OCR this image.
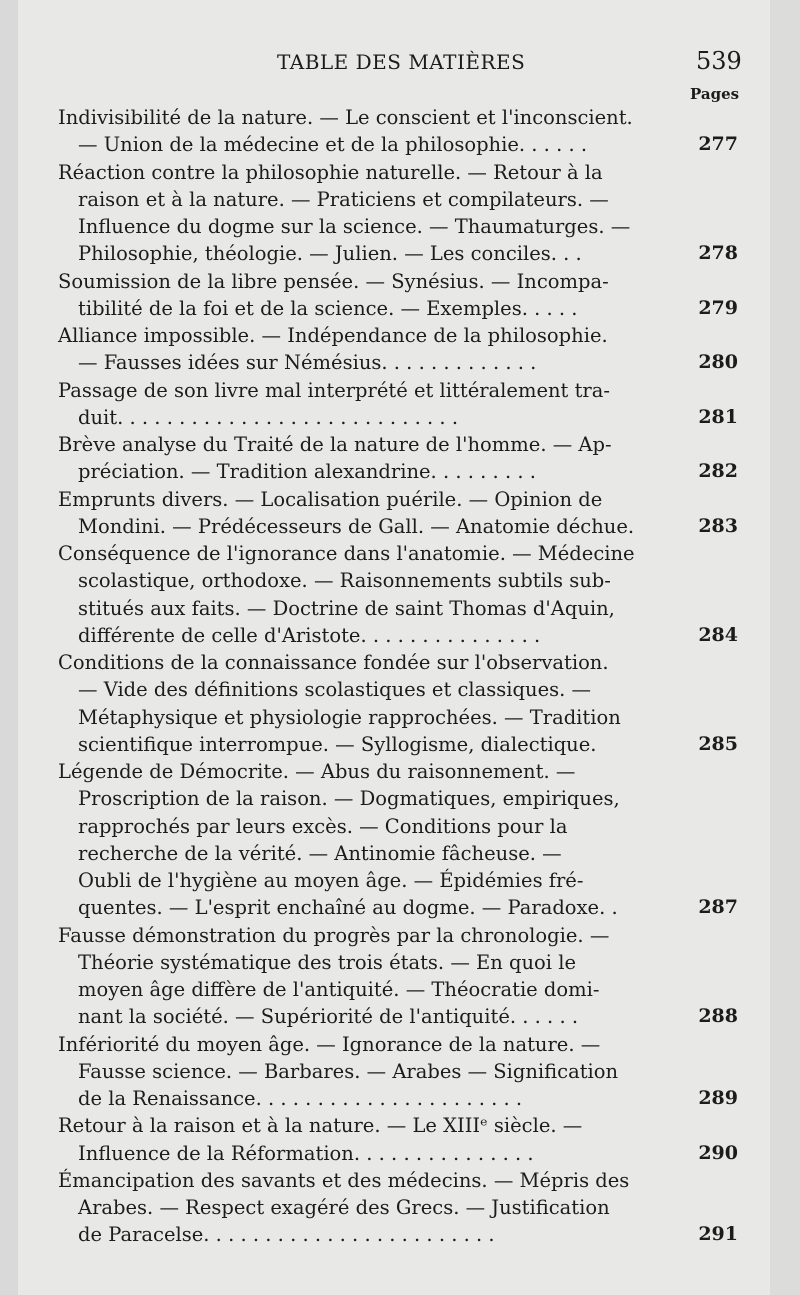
TABLE DES MATIÈRES	539
Pages
Indivisibilité de la nature. — Le conscient et l'inconscient.
— Union de la médecine et de la philosophie. . . . . .	277
Réaction contre la philosophie naturelle. — Retour à la
raison et à la nature. — Praticiens et compilateurs. —
Influence du dogme sur la science. — Thaumaturges. —
Philosophie, théologie. — Julien. — Les conciles. . .	278
Soumission de la libre pensée. — Synésius. — Incompa-
tibilité de la foi et de la science. — Exemples. . . . .	279
Alliance impossible. — Indépendance de la philosophie.
— Fausses idées sur Némésius. . . . . . . . . . . . .	280
Passage de son livre mal interprété et littéralement tra-
duit. . . . . . . . . . . . . . . . . . . . . . . . . . . .	281
Brève analyse du Traité de la nature de l'homme. — Ap-
préciation. — Tradition alexandrine. . . . . . . . .	282
Emprunts divers. — Localisation puérile. — Opinion de
Mondini. — Prédécesseurs de Gall. — Anatomie déchue.	283
Conséquence de l'ignorance dans l'anatomie. — Médecine
scolastique, orthodoxe. — Raisonnements subtils sub-
stitués aux faits. — Doctrine de saint Thomas d'Aquin,
différente de celle d'Aristote. . . . . . . . . . . . . . .	284
Conditions de la connaissance fondée sur l'observation.
— Vide des définitions scolastiques et classiques. —
Métaphysique et physiologie rapprochées. — Tradition
scientifique interrompue. — Syllogisme, dialectique.	285
Légende de Démocrite. — Abus du raisonnement. —
Proscription de la raison. — Dogmatiques, empiriques,
rapprochés par leurs excès. — Conditions pour la
recherche de la vérité. — Antinomie fâcheuse. —
Oubli de l'hygiène au moyen âge. — Épidémies fré-
quentes. — L'esprit enchaîné au dogme. — Paradoxe. .	287
Fausse démonstration du progrès par la chronologie. —
Théorie systématique des trois états. — En quoi le
moyen âge diffère de l'antiquité. — Théocratie domi-
nant la société. — Supériorité de l'antiquité. . . . . .	288
Infériorité du moyen âge. — Ignorance de la nature. —
Fausse science. — Barbares. — Arabes — Signification
de la Renaissance. . . . . . . . . . . . . . . . . . . . . .	289
Retour à la raison et à la nature. — Le XIIIᵉ siècle. —
Influence de la Réformation. . . . . . . . . . . . . . .	290
Émancipation des savants et des médecins. — Mépris des
Arabes. — Respect exagéré des Grecs. — Justification
de Paracelse. . . . . . . . . . . . . . . . . . . . . . . .	291
